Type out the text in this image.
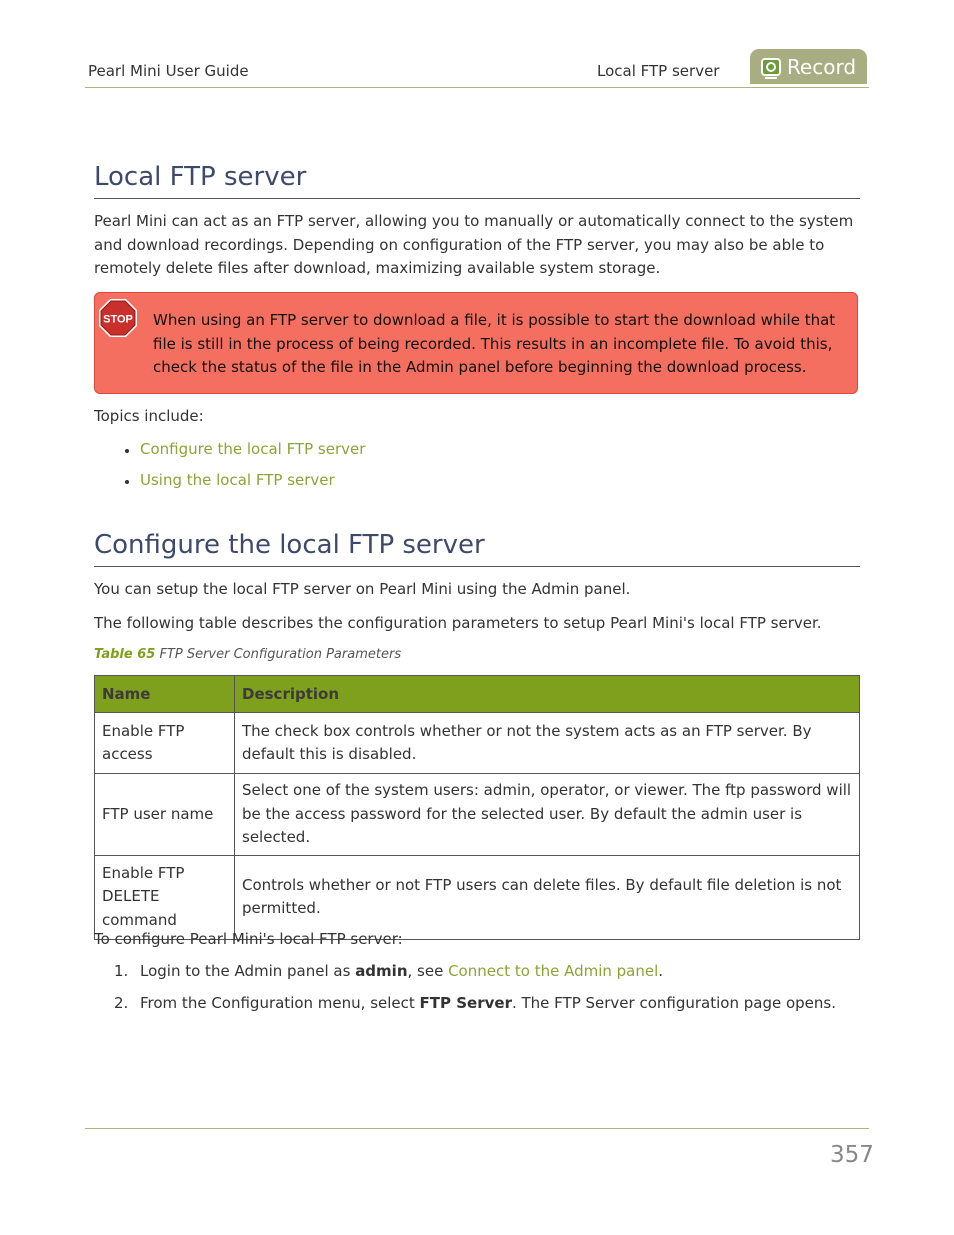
Pearl Mini User Guide	Local FTP server	Record
Local FTP server

Pearl Mini can act as an FTP server, allowing you to manually or automatically connect to the system and download recordings. Depending on configuration of the FTP server, you may also be able to remotely delete files after download, maximizing available system storage.

STOP When using an FTP server to download a file, it is possible to start the download while that file is still in the process of being recorded. This results in an incomplete file. To avoid this, check the status of the file in the Admin panel before beginning the download process.
Topics include:
Configure the local FTP server
Using the local FTP server
Configure the local FTP server

You can setup the local FTP server on Pearl Mini using the Admin panel.

The following table describes the configuration parameters to setup Pearl Mini's local FTP server.

Table 65 FTP Server Configuration Parameters
Name	Description
Enable FTP access	The check box controls whether or not the system acts as an FTP server. By default this is disabled.
FTP user name	Select one of the system users: admin, operator, or viewer. The ftp password will be the access password for the selected user. By default the admin user is selected.
Enable FTP DELETE command	Controls whether or not FTP users can delete files. By default file deletion is not permitted.
To configure Pearl Mini's local FTP server:
1. Login to the Admin panel as admin, see Connect to the Admin panel.
2. From the Configuration menu, select FTP Server. The FTP Server configuration page opens.
357
